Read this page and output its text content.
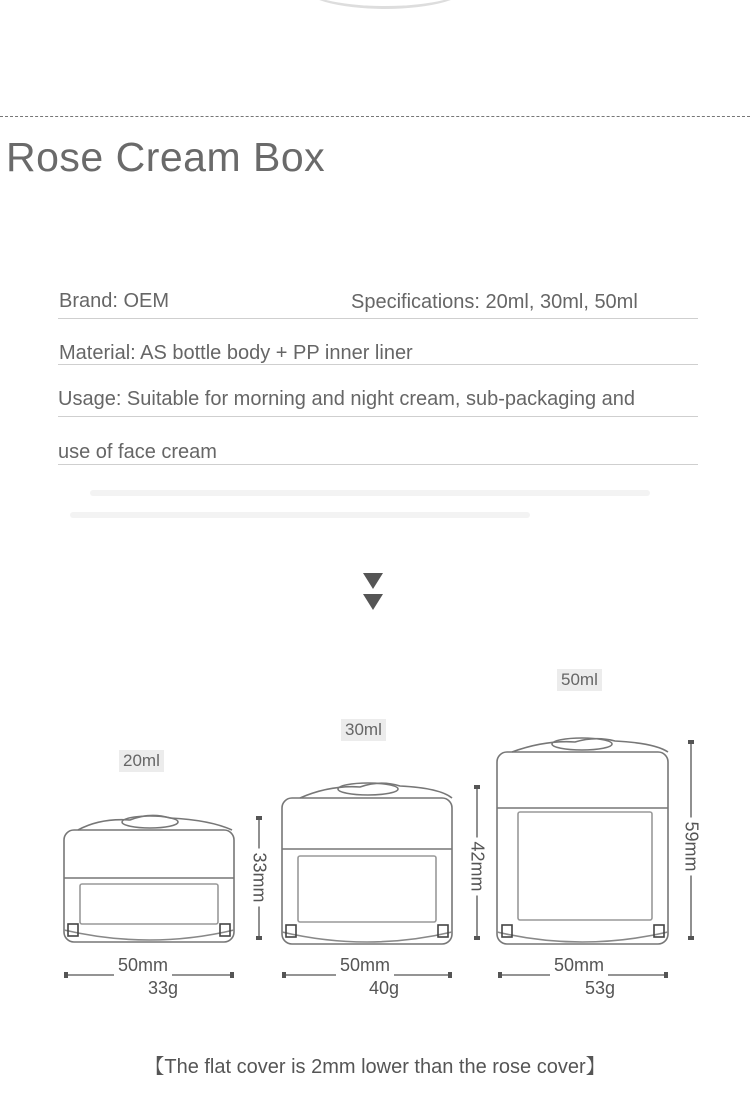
Rose Cream Box
Brand: OEM	Specifications: 20ml, 30ml, 50ml
Material: AS bottle body + PP inner liner
Usage: Suitable for morning and night cream, sub-packaging and
use of face cream
20ml
30ml
50ml
50mm	50mm	50mm
33g	40g	53g
33mm	42mm	59mm
【The flat cover is 2mm lower than the rose cover】
